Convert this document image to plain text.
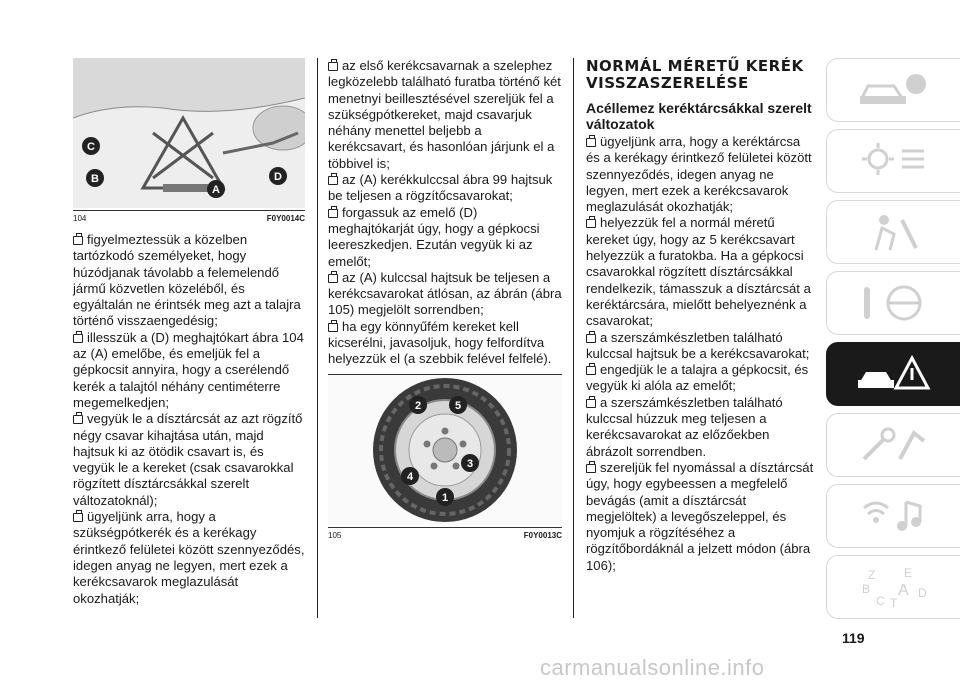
C
B
A
D
104	F0Y0014C
figyelmeztessük a közelben tartózkodó személyeket, hogy húzódjanak távolabb a felemelendő jármű közvetlen közeléből, és egyáltalán ne érintsék meg azt a talajra történő visszaengedésig;
illesszük a (D) meghajtókart ábra 104 az (A) emelőbe, és emeljük fel a gépkocsit annyira, hogy a cserélendő kerék a talajtól néhány centiméterre megemelkedjen;
vegyük le a dísztárcsát az azt rögzítő négy csavar kihajtása után, majd hajtsuk ki az ötödik csavart is, és vegyük le a kereket (csak csavarokkal rögzített dísztárcsákkal szerelt változatoknál);
ügyeljünk arra, hogy a szükségpótkerék és a kerékagy érintkező felületei között szennyeződés, idegen anyag ne legyen, mert ezek a kerékcsavarok meglazulását okozhatják;
az első kerékcsavarnak a szelephez legközelebb található furatba történő két menetnyi beillesztésével szereljük fel a szükségpótkereket, majd csavarjuk néhány menettel beljebb a kerékcsavart, és hasonlóan járjunk el a többivel is;
az (A) kerékkulccsal ábra 99 hajtsuk be teljesen a rögzítőcsavarokat;
forgassuk az emelő (D) meghajtókarját úgy, hogy a gépkocsi leereszkedjen. Ezután vegyük ki az emelőt;
az (A) kulccsal hajtsuk be teljesen a kerékcsavarokat átlósan, az ábrán (ábra 105) megjelölt sorrendben;
ha egy könnyűfém kereket kell kicserélni, javasoljuk, hogy felfordítva helyezzük el (a szebbik felével felfelé).
1
2
3
4
5
105	F0Y0013C
NORMÁL MÉRETŰ KERÉK VISSZASZERELÉSE
Acéllemez keréktárcsákkal szerelt változatok
ügyeljünk arra, hogy a keréktárcsa és a kerékagy érintkező felületei között szennyeződés, idegen anyag ne legyen, mert ezek a kerékcsavarok meglazulását okozhatják;
helyezzük fel a normál méretű kereket úgy, hogy az 5 kerékcsavart helyezzük a furatokba. Ha a gépkocsi csavarokkal rögzített dísztárcsákkal rendelkezik, támasszuk a dísztárcsát a keréktárcsára, mielőtt behelyeznénk a csavarokat;
a szerszámkészletben található kulccsal hajtsuk be a kerékcsavarokat;
engedjük le a talajra a gépkocsit, és vegyük ki alóla az emelőt;
a szerszámkészletben található kulccsal húzzuk meg teljesen a kerékcsavarokat az előzőekben ábrázolt sorrendben.
szereljük fel nyomással a dísztárcsát úgy, hogy egybeessen a megfelelő bevágás (amit a dísztárcsát megjelöltek) a levegőszeleppel, és nyomjuk a rögzítéséhez a rögzítőbordáknál a jelzett módon (ábra 106);
Z E
B A
C T
D
119
carmanualsonline.info
